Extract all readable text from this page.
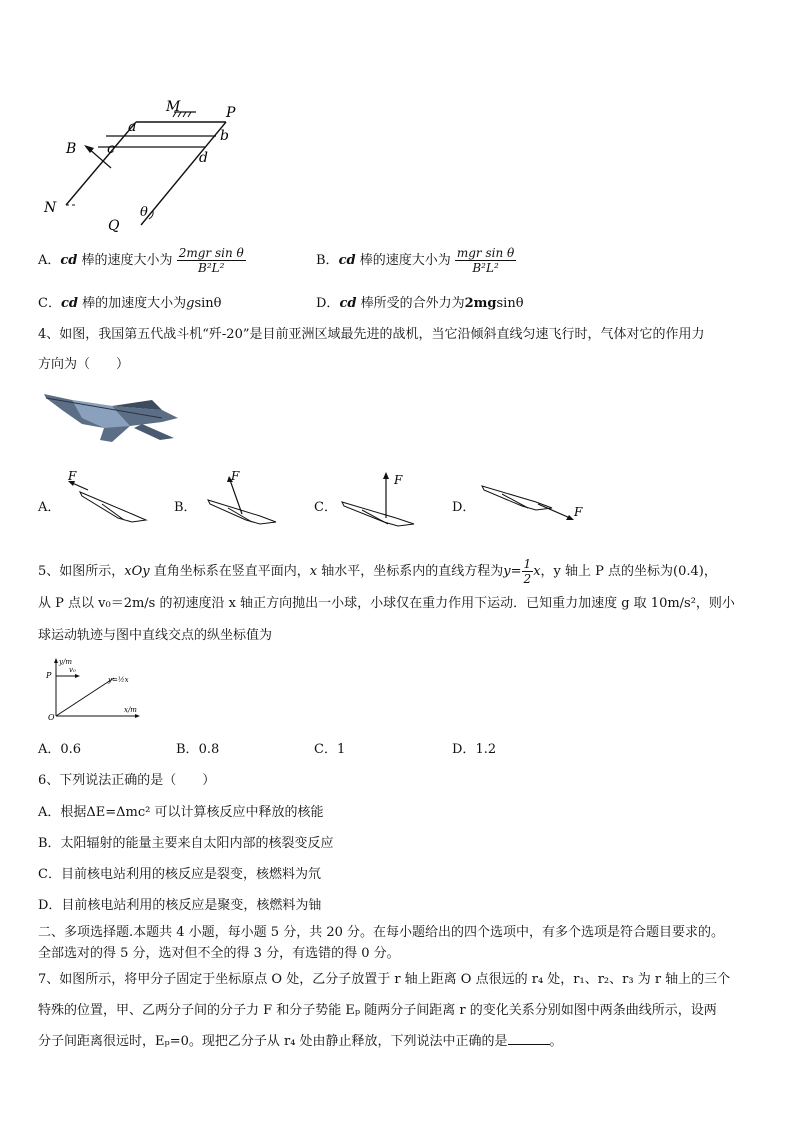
M	P
a
b
B c
d
N
Q
θ
A．cd 棒的速度大小为 $\frac{\text{2mgr sin θ}}{\text{B²L²}}$	B．cd 棒的速度大小为 $\frac{\text{mgr sin θ}}{\text{B²L²}}$
C．cd 棒的加速度大小为gsinθ	D．cd 棒所受的合外力为2mgsinθ
4、如图，我国第五代战斗机“歼-20”是目前亚洲区域最先进的战机，当它沿倾斜直线匀速飞行时，气体对它的作用力
方向为（　　）
A．
F
B．
F
C．
F
D．	F
5、如图所示，xOy 直角坐标系在竖直平面内，x 轴水平，坐标系内的直线方程为$y= \frac{1}{2}$ x，y 轴上 P 点的坐标为(0.4)，
从 P 点以 v₀＝2m/s 的初速度沿 x 轴正方向抛出一小球，小球仅在重力作用下运动．已知重力加速度 g 取 10m/s²，则小
球运动轨迹与图中直线交点的纵坐标值为
y/m
x/m
P
O
v₀
y=½x
A．0.6	B．0.8	C．1	D．1.2
6、下列说法正确的是（　　）
A．根据ΔE=Δmc² 可以计算核反应中释放的核能
B．太阳辐射的能量主要来自太阳内部的核裂变反应
C．目前核电站利用的核反应是裂变，核燃料为氘
D．目前核电站利用的核反应是聚变，核燃料为铀
二、多项选择题.本题共 4 小题，每小题 5 分，共 20 分。在每小题给出的四个选项中，有多个选项是符合题目要求的。
全部选对的得 5 分，选对但不全的得 3 分，有选错的得 0 分。
7、如图所示，将甲分子固定于坐标原点 O 处，乙分子放置于 r 轴上距离 O 点很远的 r₄ 处，r₁、r₂、r₃ 为 r 轴上的三个
特殊的位置，甲、乙两分子间的分子力 F 和分子势能 Eₚ 随两分子间距离 r 的变化关系分别如图中两条曲线所示，设两
分子间距离很远时，Eₚ=0。现把乙分子从 r₄ 处由静止释放，下列说法中正确的是	。
